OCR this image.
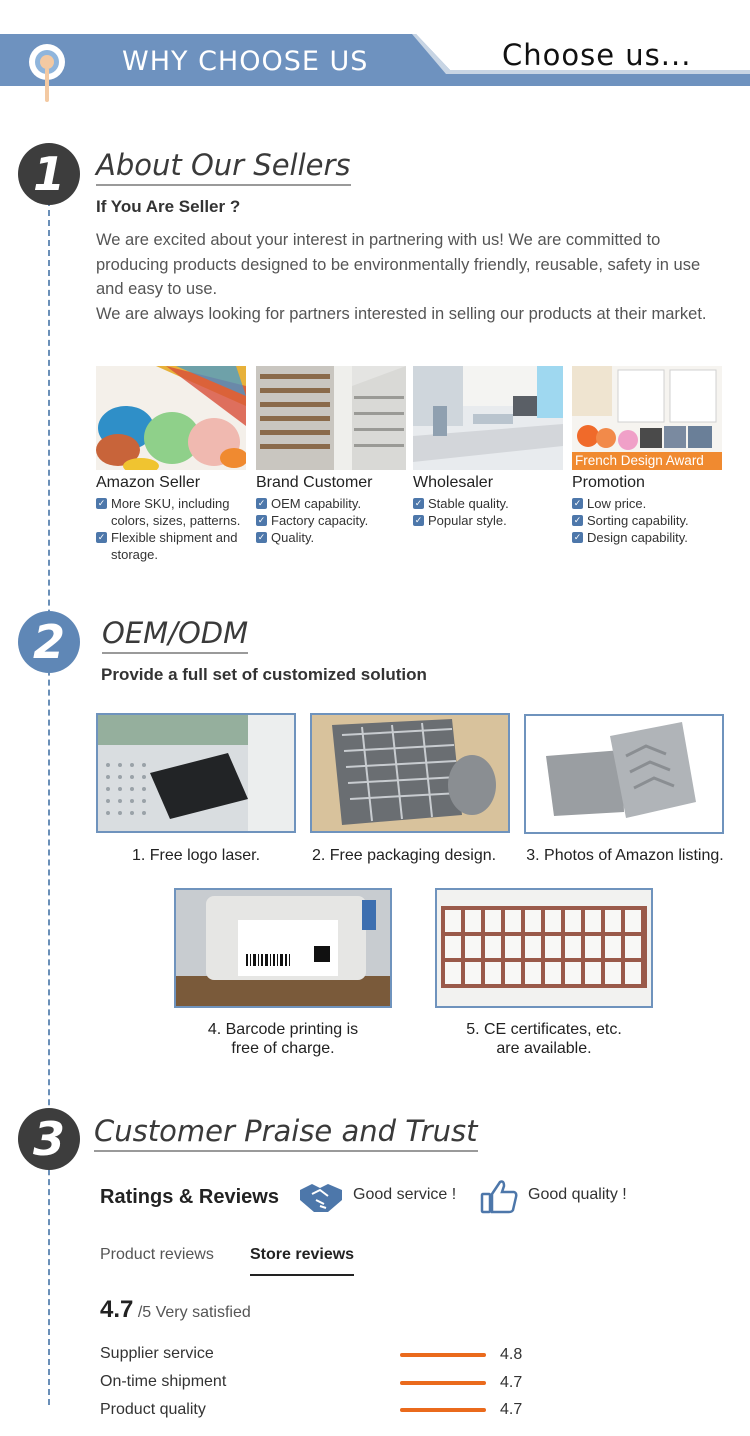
WHY CHOOSE US	Choose us...
1	About Our Sellers
If You Are Seller ?
We are excited about your interest in partnering with us! We are committed to producing products designed to be environmentally friendly, reusable, safety in use and easy to use.
We are always looking for partners interested in selling our products at their market.
Amazon Seller
✓ More SKU, including colors, sizes, patterns.
✓ Flexible shipment and storage.
Brand Customer
✓ OEM capability.
✓ Factory capacity.
✓ Quality.
Wholesaler
✓ Stable quality.
✓ Popular style.
French Design Award
Promotion
✓ Low price.
✓ Sorting capability.
✓ Design capability.
2	OEM/ODM
Provide a full set of customized solution
1. Free logo laser.	2. Free packaging design.	3. Photos of Amazon listing.
4. Barcode printing is
free of charge.
5. CE certificates, etc.
are available.
3	Customer Praise and Trust
Ratings & Reviews	Good service !	Good quality !
Product reviews Store reviews
4.7 /5 Very satisfied
Supplier service	4.8
On-time shipment	4.7
Product quality	4.7
